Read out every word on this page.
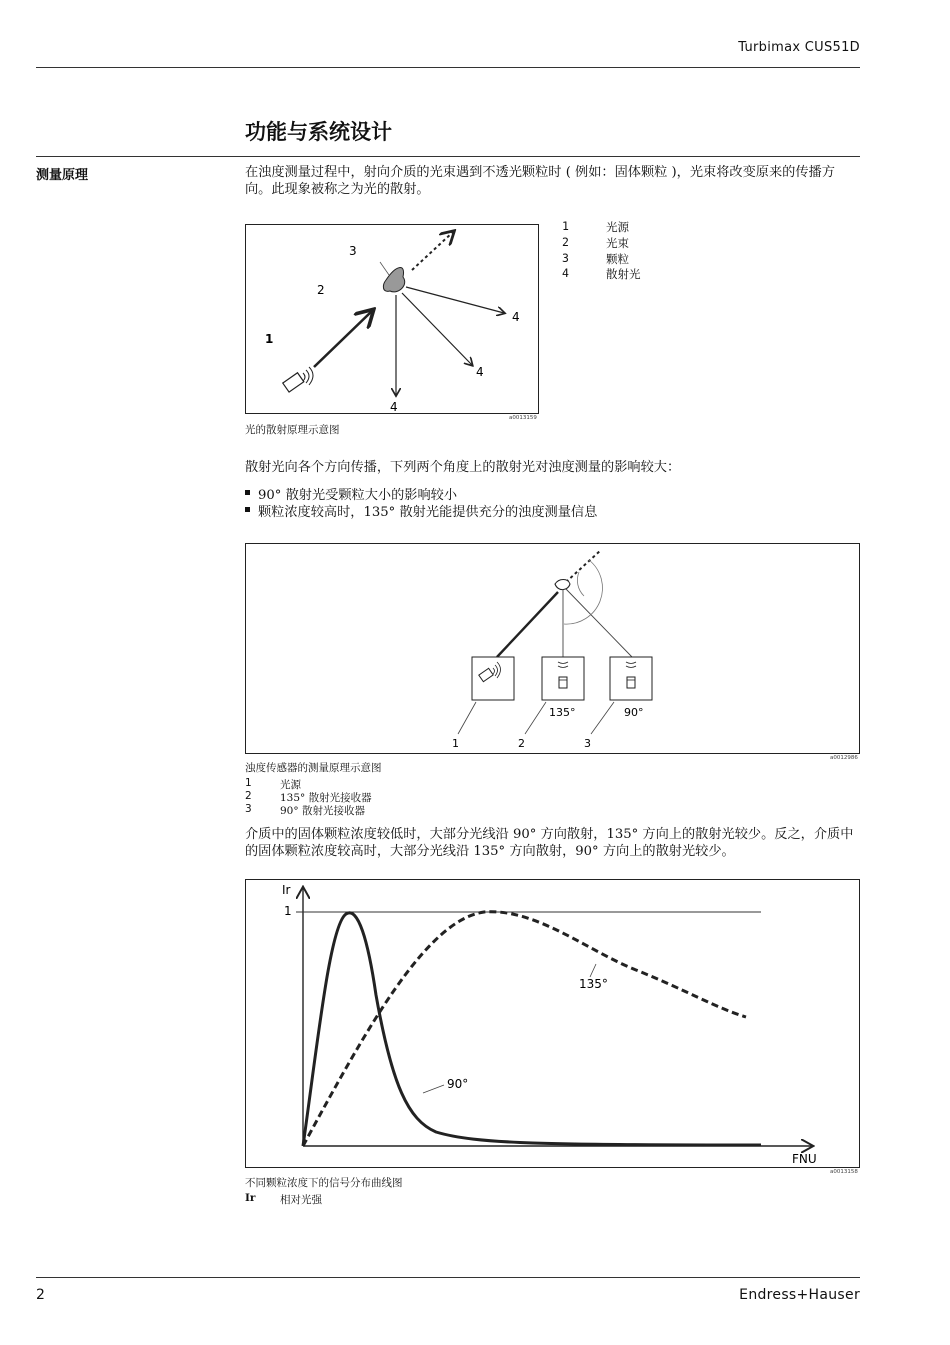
Turbimax CUS51D
功能与系统设计
测量原理	在浊度测量过程中，射向介质的光束遇到不透光颗粒时 ( 例如：固体颗粒 )，光束将改变原来的传播方向。此现象被称之为光的散射。
1
2
3
4
4
4
a0013159
光的散射原理示意图
1	光源
2	光束
3	颗粒
4	散射光
散射光向各个方向传播，下列两个角度上的散射光对浊度测量的影响较大：
90° 散射光受颗粒大小的影响较小
颗粒浓度较高时，135° 散射光能提供充分的浊度测量信息
135°	90°
1	2	3
a0012986
浊度传感器的测量原理示意图
1	光源
2	135° 散射光接收器
3	90° 散射光接收器
介质中的固体颗粒浓度较低时，大部分光线沿 90° 方向散射，135° 方向上的散射光较少。反之，介质中的固体颗粒浓度较高时，大部分光线沿 135° 方向散射，90° 方向上的散射光较少。
1
Ir
FNU
135°
90°
a0013158
不同颗粒浓度下的信号分布曲线图
Ir 相对光强
2	Endress+Hauser
